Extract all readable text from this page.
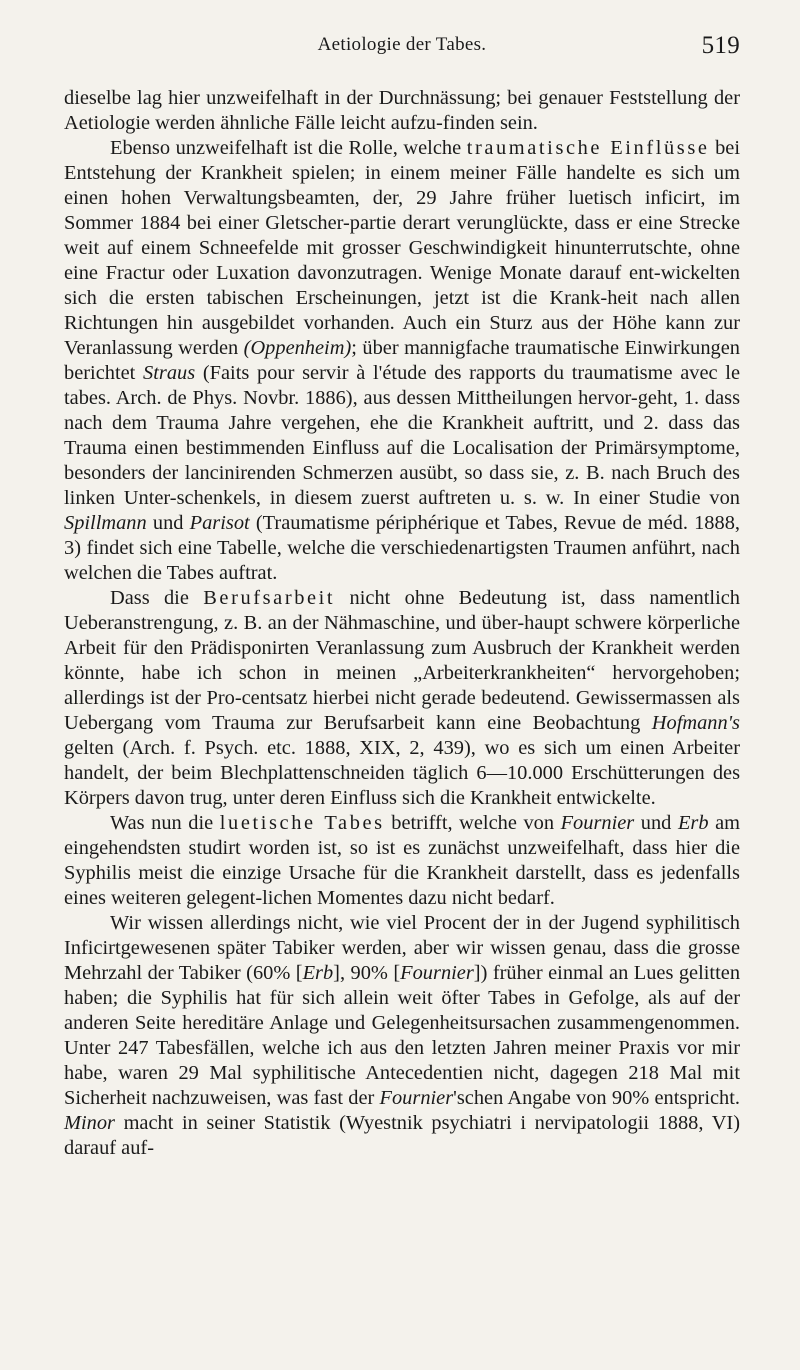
Aetiologie der Tabes.	519

dieselbe lag hier unzweifelhaft in der Durchnässung; bei genauer Feststellung der Aetiologie werden ähnliche Fälle leicht aufzu-finden sein.

Ebenso unzweifelhaft ist die Rolle, welche traumatische Einflüsse bei Entstehung der Krankheit spielen; in einem meiner Fälle handelte es sich um einen hohen Verwaltungsbeamten, der, 29 Jahre früher luetisch inficirt, im Sommer 1884 bei einer Gletscher-partie derart verunglückte, dass er eine Strecke weit auf einem Schneefelde mit grosser Geschwindigkeit hinunterrutschte, ohne eine Fractur oder Luxation davonzutragen. Wenige Monate darauf ent-wickelten sich die ersten tabischen Erscheinungen, jetzt ist die Krank-heit nach allen Richtungen hin ausgebildet vorhanden. Auch ein Sturz aus der Höhe kann zur Veranlassung werden (Oppenheim); über mannigfache traumatische Einwirkungen berichtet Straus (Faits pour servir à l'étude des rapports du traumatisme avec le tabes. Arch. de Phys. Novbr. 1886), aus dessen Mittheilungen hervor-geht, 1. dass nach dem Trauma Jahre vergehen, ehe die Krankheit auftritt, und 2. dass das Trauma einen bestimmenden Einfluss auf die Localisation der Primärsymptome, besonders der lancinirenden Schmerzen ausübt, so dass sie, z. B. nach Bruch des linken Unter-schenkels, in diesem zuerst auftreten u. s. w. In einer Studie von Spillmann und Parisot (Traumatisme périphérique et Tabes, Revue de méd. 1888, 3) findet sich eine Tabelle, welche die verschiedenartigsten Traumen anführt, nach welchen die Tabes auftrat.

Dass die Berufsarbeit nicht ohne Bedeutung ist, dass namentlich Ueberanstrengung, z. B. an der Nähmaschine, und über-haupt schwere körperliche Arbeit für den Prädisponirten Veranlassung zum Ausbruch der Krankheit werden könnte, habe ich schon in meinen „Arbeiterkrankheiten“ hervorgehoben; allerdings ist der Pro-centsatz hierbei nicht gerade bedeutend. Gewissermassen als Uebergang vom Trauma zur Berufsarbeit kann eine Beobachtung Hofmann's gelten (Arch. f. Psych. etc. 1888, XIX, 2, 439), wo es sich um einen Arbeiter handelt, der beim Blechplattenschneiden täglich 6—10.000 Erschütterungen des Körpers davon trug, unter deren Einfluss sich die Krankheit entwickelte.

Was nun die luetische Tabes betrifft, welche von Fournier und Erb am eingehendsten studirt worden ist, so ist es zunächst unzweifelhaft, dass hier die Syphilis meist die einzige Ursache für die Krankheit darstellt, dass es jedenfalls eines weiteren gelegent-lichen Momentes dazu nicht bedarf.

Wir wissen allerdings nicht, wie viel Procent der in der Jugend syphilitisch Inficirtgewesenen später Tabiker werden, aber wir wissen genau, dass die grosse Mehrzahl der Tabiker (60% [Erb], 90% [Fournier]) früher einmal an Lues gelitten haben; die Syphilis hat für sich allein weit öfter Tabes in Gefolge, als auf der anderen Seite hereditäre Anlage und Gelegenheitsursachen zusammengenommen. Unter 247 Tabesfällen, welche ich aus den letzten Jahren meiner Praxis vor mir habe, waren 29 Mal syphilitische Antecedentien nicht, dagegen 218 Mal mit Sicherheit nachzuweisen, was fast der Fournier'schen Angabe von 90% entspricht. Minor macht in seiner Statistik (Wyestnik psychiatri i nervipatologii 1888, VI) darauf auf-
